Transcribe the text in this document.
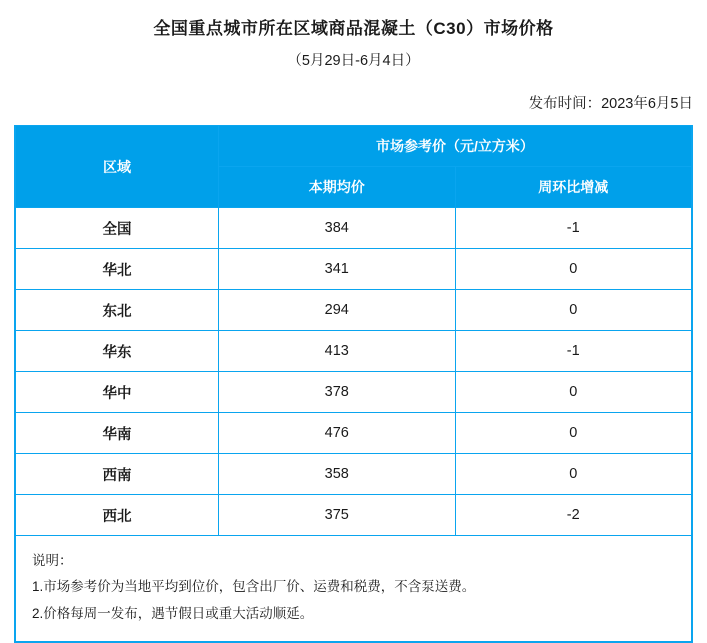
全国重点城市所在区域商品混凝土（C30）市场价格
（5月29日-6月4日）
发布时间：2023年6月5日
区域	市场参考价（元/立方米）	
	本期均价	周环比增减
全国	384	-1
华北	341	0
东北	294	0
华东	413	-1
华中	378	0
华南	476	0
西南	358	0
西北	375	-2
说明：
1.市场参考价为当地平均到位价，包含出厂价、运费和税费，不含泵送费。
2.价格每周一发布，遇节假日或重大活动顺延。
